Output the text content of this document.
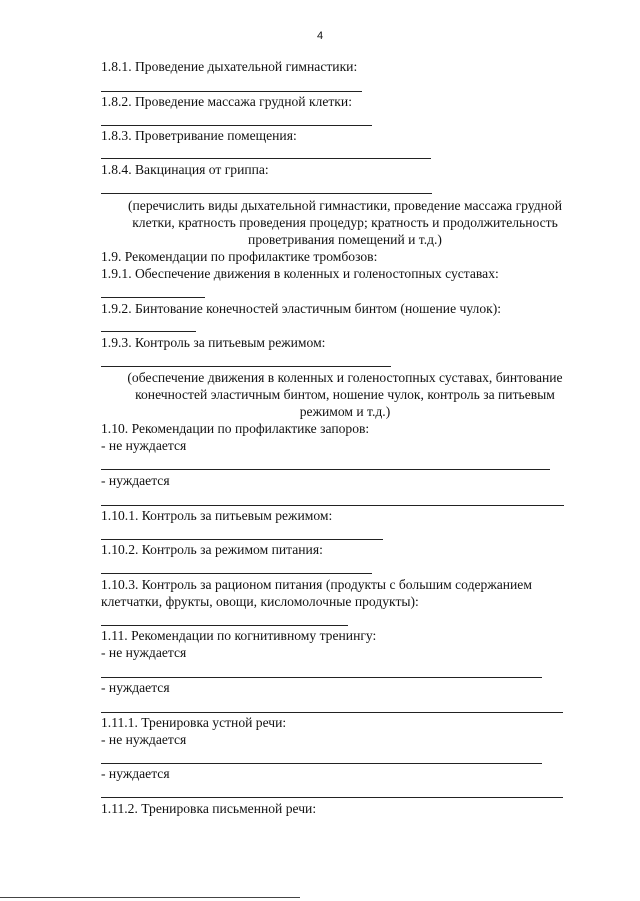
4
1.8.1. Проведение дыхательной гимнастики:
1.8.2. Проведение массажа грудной клетки:
1.8.3. Проветривание помещения:
1.8.4. Вакцинация от гриппа:
(перечислить виды дыхательной гимнастики, проведение массажа грудной
клетки, кратность проведения процедур; кратность и продолжительность
проветривания помещений и т.д.)
1.9. Рекомендации по профилактике тромбозов:
1.9.1. Обеспечение движения в коленных и голеностопных суставах:
1.9.2. Бинтование конечностей эластичным бинтом (ношение чулок):
1.9.3. Контроль за питьевым режимом:
(обеспечение движения в коленных и голеностопных суставах, бинтование
конечностей эластичным бинтом, ношение чулок, контроль за питьевым
режимом и т.д.)
1.10. Рекомендации по профилактике запоров:
- не нуждается
- нуждается
1.10.1. Контроль за питьевым режимом:
1.10.2. Контроль за режимом питания:
1.10.3. Контроль за рационом питания (продукты с большим содержанием
клетчатки, фрукты, овощи, кисломолочные продукты):
1.11. Рекомендации по когнитивному тренингу:
- не нуждается
- нуждается
1.11.1. Тренировка устной речи:
- не нуждается
- нуждается
1.11.2. Тренировка письменной речи:
